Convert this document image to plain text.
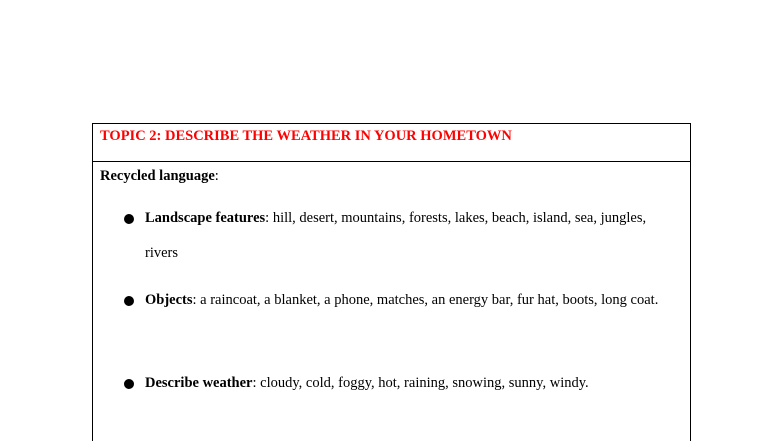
TOPIC 2: DESCRIBE THE WEATHER IN YOUR HOMETOWN

Recycled language:

Landscape features: hill, desert, mountains, forests, lakes, beach, island, sea, jungles, rivers
Objects: a raincoat, a blanket, a phone, matches, an energy bar, fur hat, boots, long coat.
Describe weather: cloudy, cold, foggy, hot, raining, snowing, sunny, windy.
